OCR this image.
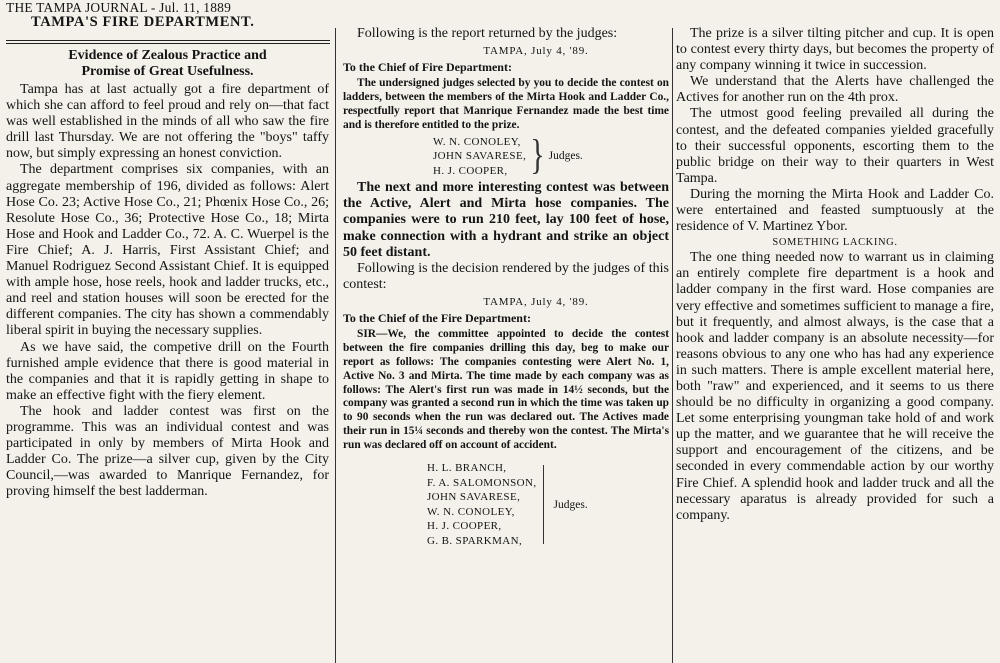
THE TAMPA JOURNAL - Jul. 11, 1889
TAMPA'S FIRE DEPARTMENT.
Evidence of Zealous Practice and
Promise of Great Usefulness.

Tampa has at last actually got a fire department of which she can afford to feel proud and rely on—that fact was well established in the minds of all who saw the fire drill last Thursday. We are not offering the "boys" taffy now, but simply expressing an honest conviction.

The department comprises six companies, with an aggregate membership of 196, divided as follows: Alert Hose Co. 23; Active Hose Co., 21; Phœnix Hose Co., 26; Resolute Hose Co., 36; Protective Hose Co., 18; Mirta Hose and Hook and Ladder Co., 72. A. C. Wuerpel is the Fire Chief; A. J. Harris, First Assistant Chief; and Manuel Rodriguez Second Assistant Chief. It is equipped with ample hose, hose reels, hook and ladder trucks, etc., and reel and station houses will soon be erected for the different companies. The city has shown a commendably liberal spirit in buying the necessary supplies.

As we have said, the competive drill on the Fourth furnished ample evidence that there is good material in the companies and that it is rapidly getting in shape to make an effective fight with the fiery element.

The hook and ladder contest was first on the programme. This was an individual contest and was participated in only by members of Mirta Hook and Ladder Co. The prize—a silver cup, given by the City Council,—was awarded to Manrique Fernandez, for proving himself the best ladderman.

Following is the report returned by the judges:

TAMPA, July 4, '89.

To the Chief of Fire Department:

The undersigned judges selected by you to decide the contest on ladders, between the members of the Mirta Hook and Ladder Co., respectfully report that Manrique Fernandez made the best time and is therefore entitled to the prize.

W. N. CONOLEY,
JOHN SAVARESE,
H. J. COOPER, } Judges.

The next and more interesting contest was between the Active, Alert and Mirta hose companies. The companies were to run 210 feet, lay 100 feet of hose, make connection with a hydrant and strike an object 50 feet distant.

Following is the decision rendered by the judges of this contest:

TAMPA, July 4, '89.

To the Chief of the Fire Department:

SIR—We, the committee appointed to decide the contest between the fire companies drilling this day, beg to make our report as follows: The companies contesting were Alert No. 1, Active No. 3 and Mirta. The time made by each company was as follows: The Alert's first run was made in 14½ seconds, but the company was granted a second run in which the time was taken up to 90 seconds when the run was declared out. The Actives made their run in 15¼ seconds and thereby won the contest. The Mirta's run was declared off on account of accident.

H. L. BRANCH,
F. A. SALOMONSON,
JOHN SAVARESE,
W. N. CONOLEY,
H. J. COOPER,
G. B. SPARKMAN,
Judges.

The prize is a silver tilting pitcher and cup. It is open to contest every thirty days, but becomes the property of any company winning it twice in succession.

We understand that the Alerts have challenged the Actives for another run on the 4th prox.

The utmost good feeling prevailed all during the contest, and the defeated companies yielded gracefully to their successful opponents, escorting them to the public bridge on their way to their quarters in West Tampa.

During the morning the Mirta Hook and Ladder Co. were entertained and feasted sumptuously at the residence of V. Martinez Ybor.

SOMETHING LACKING.

The one thing needed now to warrant us in claiming an entirely complete fire department is a hook and ladder company in the first ward. Hose companies are very effective and sometimes sufficient to manage a fire, but it frequently, and almost always, is the case that a hook and ladder company is an absolute necessity—for reasons obvious to any one who has had any experience in such matters. There is ample excellent material here, both "raw" and experienced, and it seems to us there should be no difficulty in organizing a good company. Let some enterprising youngman take hold of and work up the matter, and we guarantee that he will receive the support and encouragement of the citizens, and be seconded in every commendable action by our worthy Fire Chief. A splendid hook and ladder truck and all the necessary aparatus is already provided for such a company.
